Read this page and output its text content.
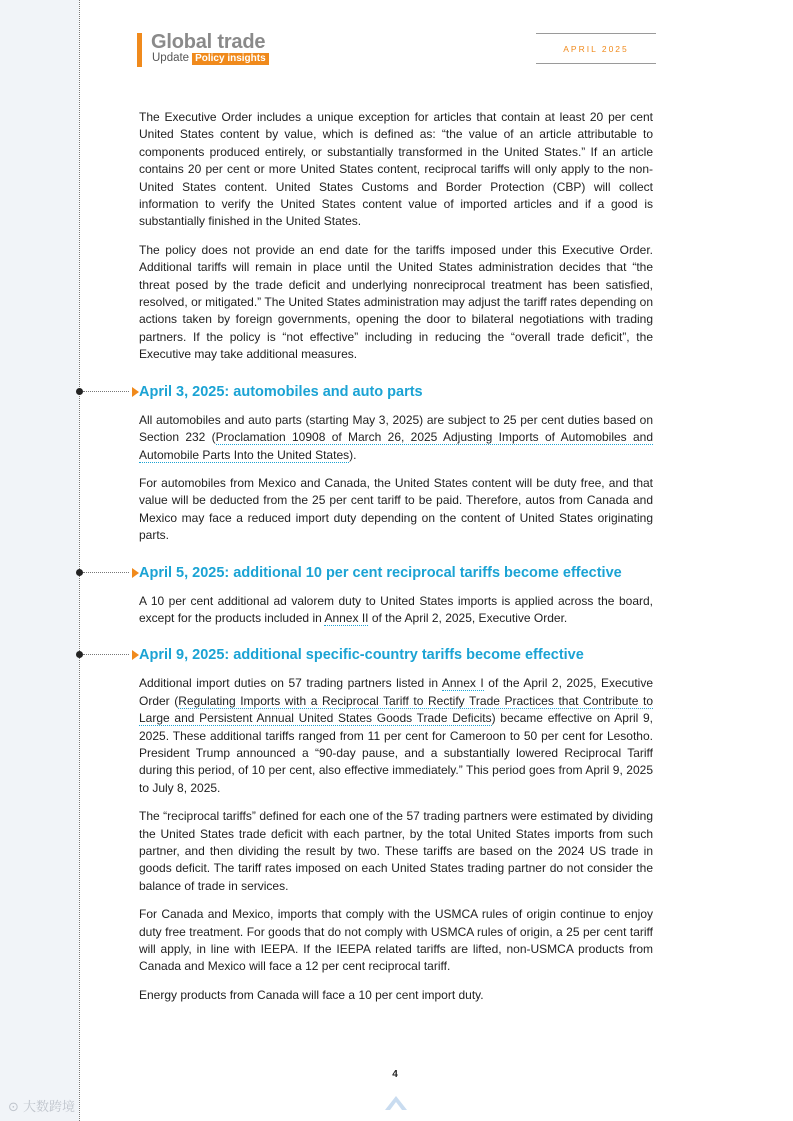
Global trade
Update Policy insights
APRIL 2025

The Executive Order includes a unique exception for articles that contain at least 20 per cent United States content by value, which is defined as: “the value of an article attributable to components produced entirely, or substantially transformed in the United States.” If an article contains 20 per cent or more United States content, reciprocal tariffs will only apply to the non-United States content. United States Customs and Border Protection (CBP) will collect information to verify the United States content value of imported articles and if a good is substantially finished in the United States.

The policy does not provide an end date for the tariffs imposed under this Executive Order. Additional tariffs will remain in place until the United States administration decides that “the threat posed by the trade deficit and underlying nonreciprocal treatment has been satisfied, resolved, or mitigated.” The United States administration may adjust the tariff rates depending on actions taken by foreign governments, opening the door to bilateral negotiations with trading partners. If the policy is “not effective” including in reducing the “overall trade deficit”, the Executive may take additional measures.

April 3, 2025: automobiles and auto parts

All automobiles and auto parts (starting May 3, 2025) are subject to 25 per cent duties based on Section 232 (Proclamation 10908 of March 26, 2025 Adjusting Imports of Automobiles and Automobile Parts Into the United States).

For automobiles from Mexico and Canada, the United States content will be duty free, and that value will be deducted from the 25 per cent tariff to be paid. Therefore, autos from Canada and Mexico may face a reduced import duty depending on the content of United States originating parts.

April 5, 2025: additional 10 per cent reciprocal tariffs become effective

A 10 per cent additional ad valorem duty to United States imports is applied across the board, except for the products included in Annex II of the April 2, 2025, Executive Order.

April 9, 2025: additional specific-country tariffs become effective

Additional import duties on 57 trading partners listed in Annex I of the April 2, 2025, Executive Order (Regulating Imports with a Reciprocal Tariff to Rectify Trade Practices that Contribute to Large and Persistent Annual United States Goods Trade Deficits) became effective on April 9, 2025. These additional tariffs ranged from 11 per cent for Cameroon to 50 per cent for Lesotho. President Trump announced a “90-day pause, and a substantially lowered Reciprocal Tariff during this period, of 10 per cent, also effective immediately.” This period goes from April 9, 2025 to July 8, 2025.

The “reciprocal tariffs” defined for each one of the 57 trading partners were estimated by dividing the United States trade deficit with each partner, by the total United States imports from such partner, and then dividing the result by two. These tariffs are based on the 2024 US trade in goods deficit. The tariff rates imposed on each United States trading partner do not consider the balance of trade in services.

For Canada and Mexico, imports that comply with the USMCA rules of origin continue to enjoy duty free treatment. For goods that do not comply with USMCA rules of origin, a 25 per cent tariff will apply, in line with IEEPA. If the IEEPA related tariffs are lifted, non-USMCA products from Canada and Mexico will face a 12 per cent reciprocal tariff.

Energy products from Canada will face a 10 per cent import duty.

4
⊙ 大数跨境
